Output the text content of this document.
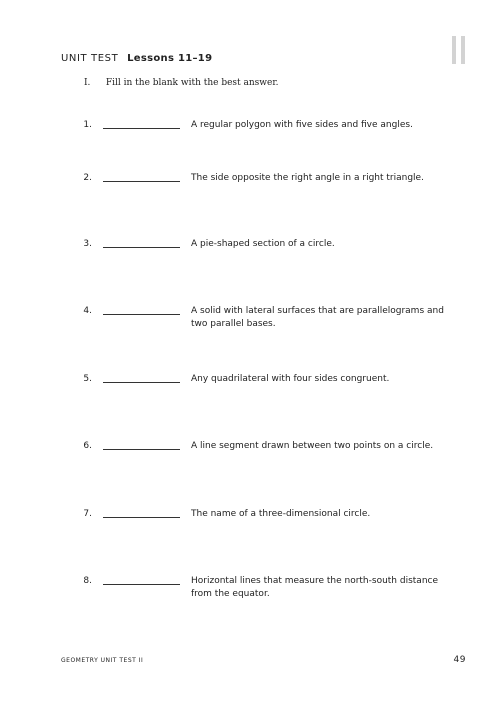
UNIT TEST Lessons 11–19
I. Fill in the blank with the best answer.
1.	A regular polygon with five sides and five angles.
2.	The side opposite the right angle in a right triangle.
3.	A pie-shaped section of a circle.
4.	A solid with lateral surfaces that are parallelograms and two parallel bases.
5.	Any quadrilateral with four sides congruent.
6.	A line segment drawn between two points on a circle.
7.	The name of a three-dimensional circle.
8.	Horizontal lines that measure the north-south distance from the equator.
GEOMETRY UNIT TEST II	49
